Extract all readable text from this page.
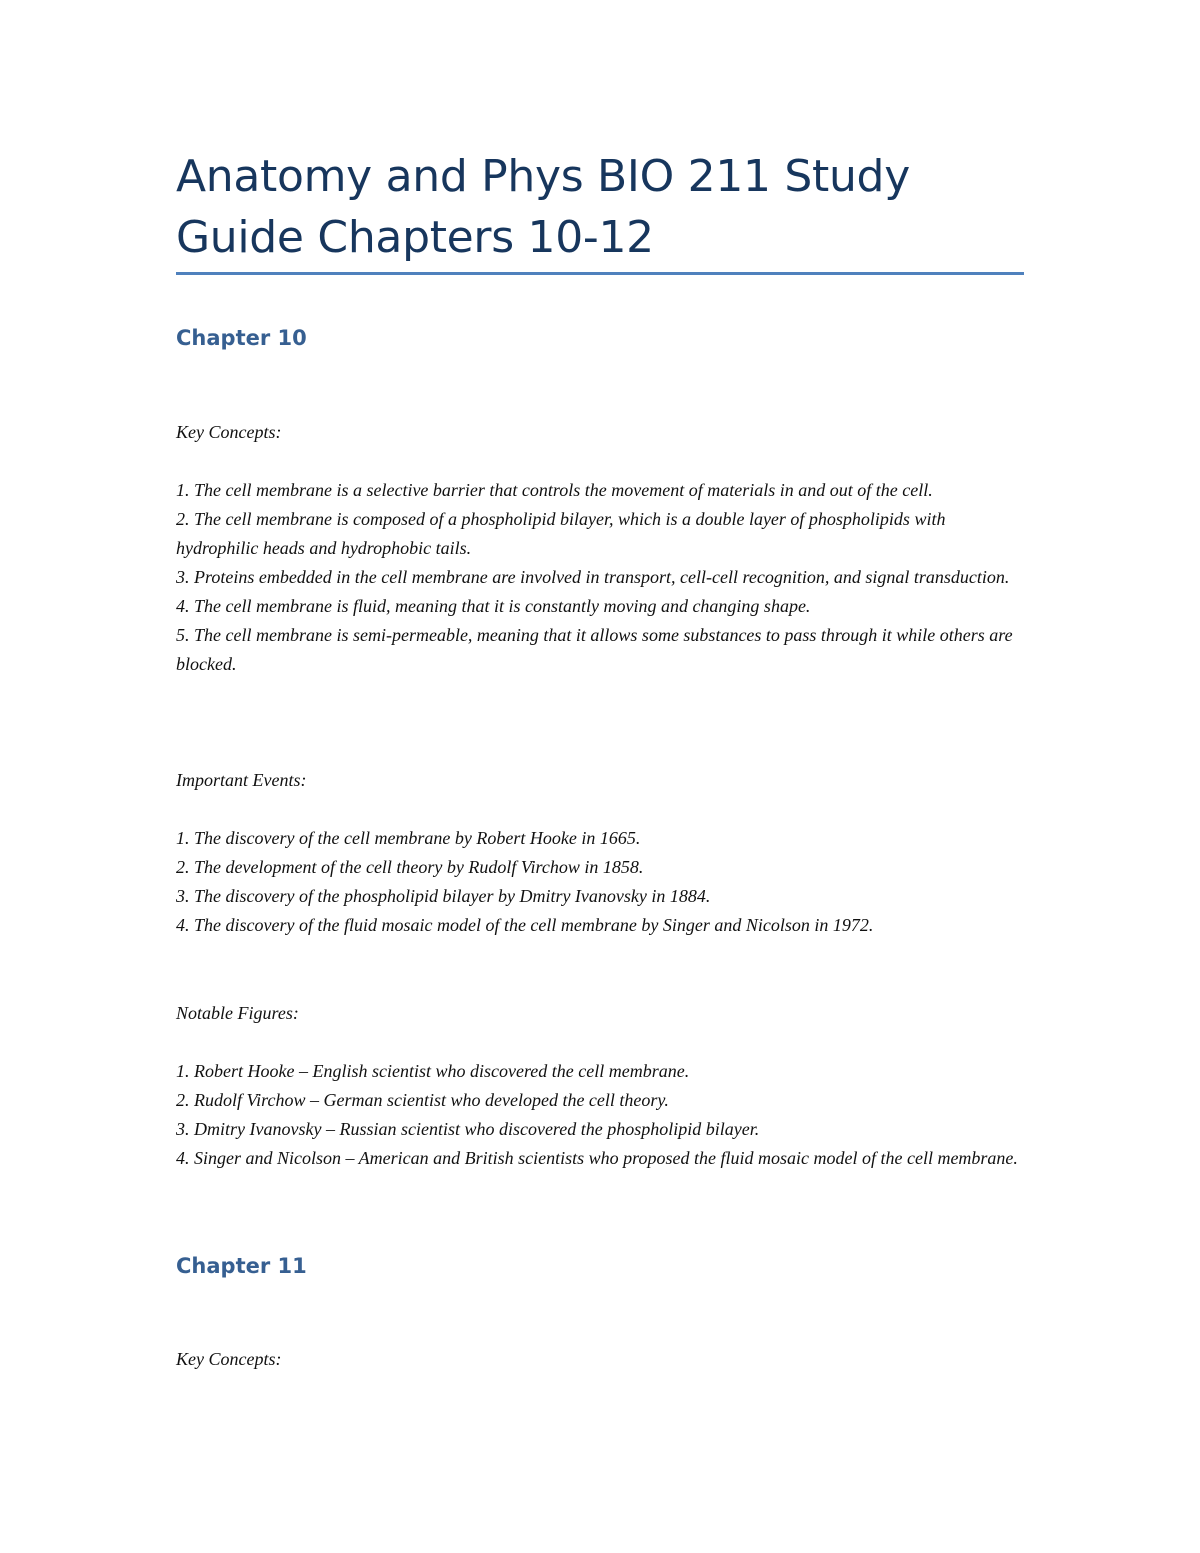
Anatomy and Phys BIO 211 Study Guide Chapters 10-12
Chapter 10
Key Concepts:
1. The cell membrane is a selective barrier that controls the movement of materials in and out of the cell.
2. The cell membrane is composed of a phospholipid bilayer, which is a double layer of phospholipids with hydrophilic heads and hydrophobic tails.
3. Proteins embedded in the cell membrane are involved in transport, cell-cell recognition, and signal transduction.
4. The cell membrane is fluid, meaning that it is constantly moving and changing shape.
5. The cell membrane is semi-permeable, meaning that it allows some substances to pass through it while others are blocked.
Important Events:
1. The discovery of the cell membrane by Robert Hooke in 1665.
2. The development of the cell theory by Rudolf Virchow in 1858.
3. The discovery of the phospholipid bilayer by Dmitry Ivanovsky in 1884.
4. The discovery of the fluid mosaic model of the cell membrane by Singer and Nicolson in 1972.
Notable Figures:
1. Robert Hooke – English scientist who discovered the cell membrane.
2. Rudolf Virchow – German scientist who developed the cell theory.
3. Dmitry Ivanovsky – Russian scientist who discovered the phospholipid bilayer.
4. Singer and Nicolson – American and British scientists who proposed the fluid mosaic model of the cell membrane.
Chapter 11
Key Concepts:
